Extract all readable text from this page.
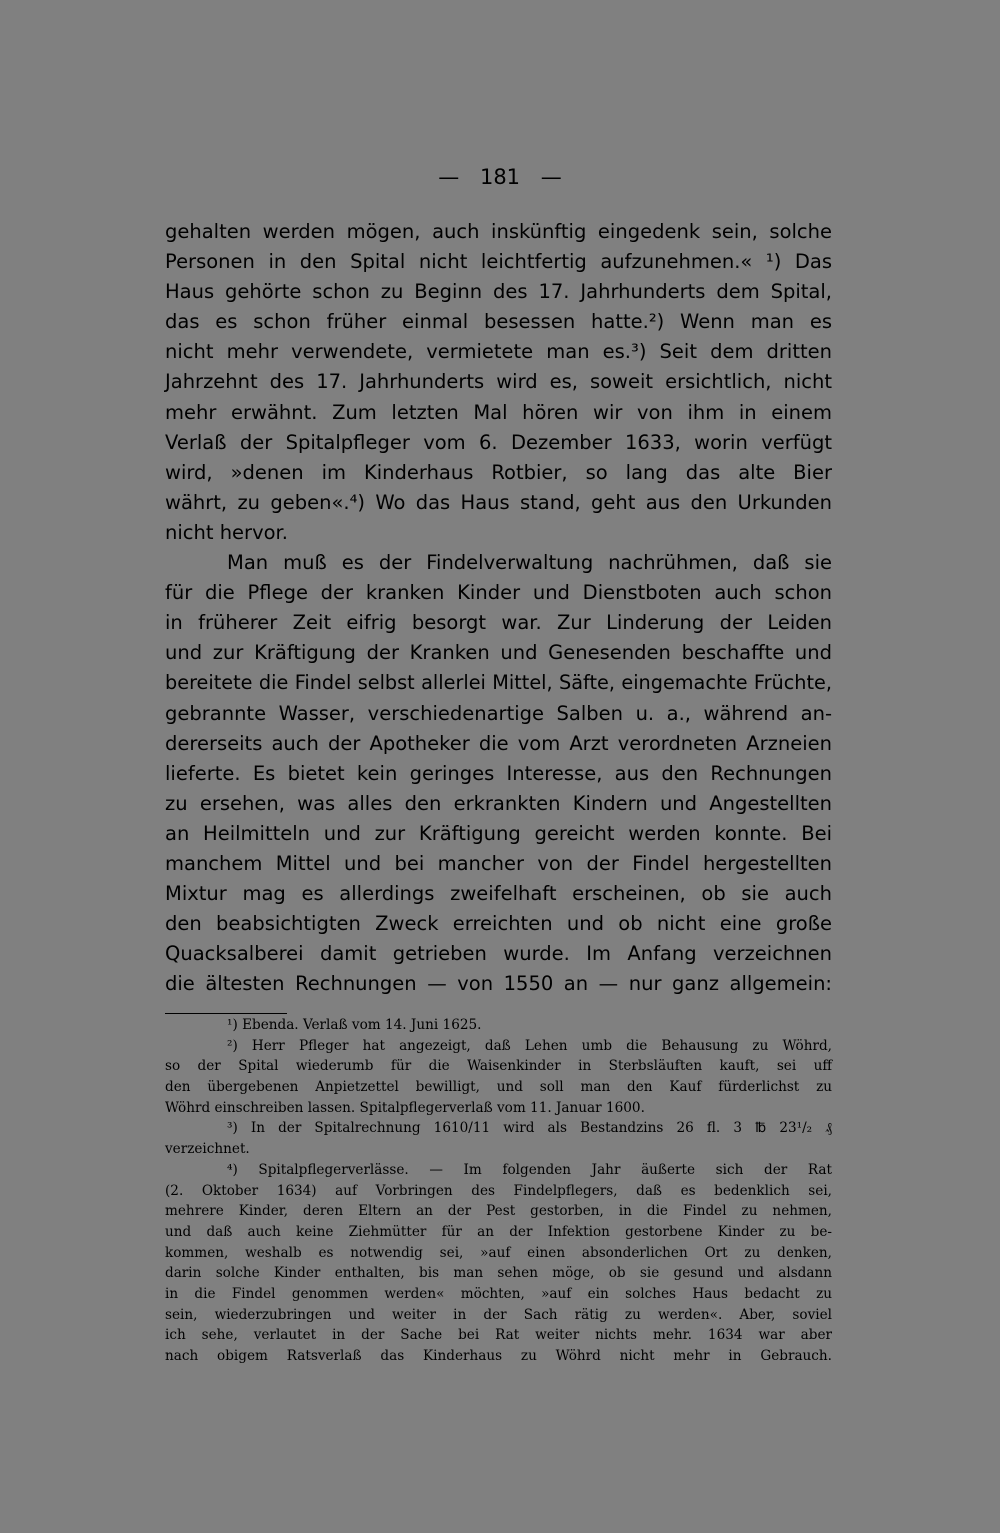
— 181 —
gehalten werden mögen, auch inskünftig eingedenk sein, solche
Personen in den Spital nicht leichtfertig aufzunehmen.« ¹) Das
Haus gehörte schon zu Beginn des 17. Jahrhunderts dem Spital,
das es schon früher einmal besessen hatte.²) Wenn man es
nicht mehr verwendete, vermietete man es.³) Seit dem dritten
Jahrzehnt des 17. Jahrhunderts wird es, soweit ersichtlich, nicht
mehr erwähnt. Zum letzten Mal hören wir von ihm in einem
Verlaß der Spitalpfleger vom 6. Dezember 1633, worin verfügt
wird, »denen im Kinderhaus Rotbier, so lang das alte Bier
währt, zu geben«.⁴) Wo das Haus stand, geht aus den Urkunden
nicht hervor.
Man muß es der Findelverwaltung nachrühmen, daß sie
für die Pflege der kranken Kinder und Dienstboten auch schon
in früherer Zeit eifrig besorgt war. Zur Linderung der Leiden
und zur Kräftigung der Kranken und Genesenden beschaffte und
bereitete die Findel selbst allerlei Mittel, Säfte, eingemachte Früchte,
gebrannte Wasser, verschiedenartige Salben u. a., während an-
dererseits auch der Apotheker die vom Arzt verordneten Arzneien
lieferte. Es bietet kein geringes Interesse, aus den Rechnungen
zu ersehen, was alles den erkrankten Kindern und Angestellten
an Heilmitteln und zur Kräftigung gereicht werden konnte. Bei
manchem Mittel und bei mancher von der Findel hergestellten
Mixtur mag es allerdings zweifelhaft erscheinen, ob sie auch
den beabsichtigten Zweck erreichten und ob nicht eine große
Quacksalberei damit getrieben wurde. Im Anfang verzeichnen
die ältesten Rechnungen — von 1550 an — nur ganz allgemein:
¹) Ebenda. Verlaß vom 14. Juni 1625.
²) Herr Pfleger hat angezeigt, daß Lehen umb die Behausung zu Wöhrd,
so der Spital wiederumb für die Waisenkinder in Sterbsläuften kauft, sei uff
den übergebenen Anpietzettel bewilligt, und soll man den Kauf fürderlichst zu
Wöhrd einschreiben lassen. Spitalpflegerverlaß vom 11. Januar 1600.
³) In der Spitalrechnung 1610/11 wird als Bestandzins 26 fl. 3 ℔ 23¹/₂ ₰
verzeichnet.
⁴) Spitalpflegerverlässe. — Im folgenden Jahr äußerte sich der Rat
(2. Oktober 1634) auf Vorbringen des Findelpflegers, daß es bedenklich sei,
mehrere Kinder, deren Eltern an der Pest gestorben, in die Findel zu nehmen,
und daß auch keine Ziehmütter für an der Infektion gestorbene Kinder zu be-
kommen, weshalb es notwendig sei, »auf einen absonderlichen Ort zu denken,
darin solche Kinder enthalten, bis man sehen möge, ob sie gesund und alsdann
in die Findel genommen werden« möchten, »auf ein solches Haus bedacht zu
sein, wiederzubringen und weiter in der Sach rätig zu werden«. Aber, soviel
ich sehe, verlautet in der Sache bei Rat weiter nichts mehr. 1634 war aber
nach obigem Ratsverlaß das Kinderhaus zu Wöhrd nicht mehr in Gebrauch.
